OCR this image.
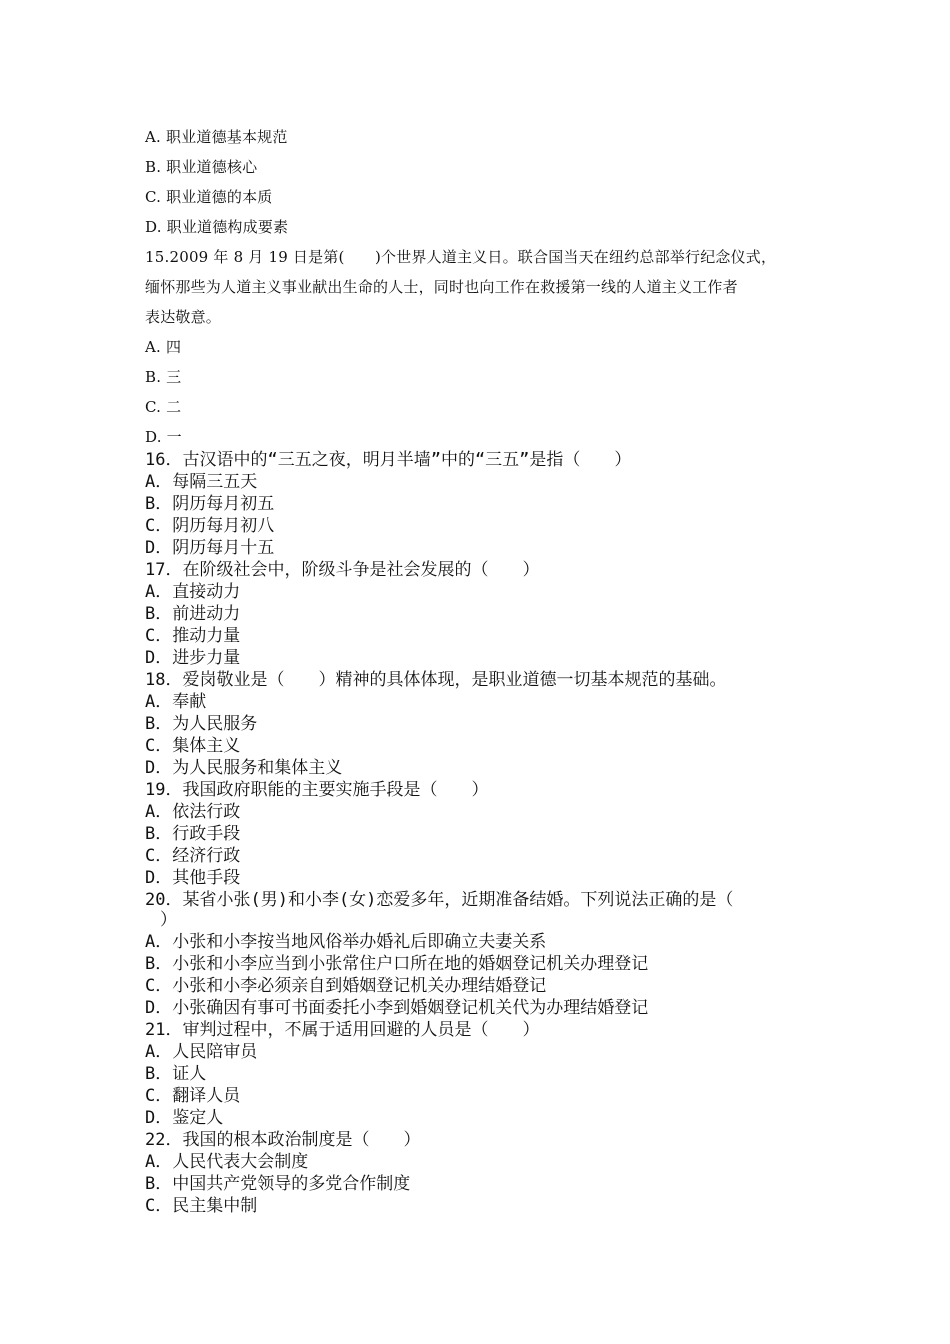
A. 职业道德基本规范
B. 职业道德核心
C. 职业道德的本质
D. 职业道德构成要素
15.2009 年 8 月 19 日是第(　　)个世界人道主义日。联合国当天在纽约总部举行纪念仪式，
缅怀那些为人道主义事业献出生命的人士，同时也向工作在救援第一线的人道主义工作者
表达敬意。
A. 四
B. 三
C. 二
D. 一
16．古汉语中的“三五之夜，明月半墙”中的“三五”是指（　　）
A．每隔三五天
B．阴历每月初五
C．阴历每月初八
D．阴历每月十五
17．在阶级社会中，阶级斗争是社会发展的（　　）
A．直接动力
B．前进动力
C．推动力量
D．进步力量
18．爱岗敬业是（　　）精神的具体体现，是职业道德一切基本规范的基础。
A．奉献
B．为人民服务
C．集体主义
D．为人民服务和集体主义
19．我国政府职能的主要实施手段是（　　）
A．依法行政
B．行政手段
C．经济行政
D．其他手段
20．某省小张(男)和小李(女)恋爱多年，近期准备结婚。下列说法正确的是（
）
A．小张和小李按当地风俗举办婚礼后即确立夫妻关系
B．小张和小李应当到小张常住户口所在地的婚姻登记机关办理登记
C．小张和小李必须亲自到婚姻登记机关办理结婚登记
D．小张确因有事可书面委托小李到婚姻登记机关代为办理结婚登记
21．审判过程中，不属于适用回避的人员是（　　）
A．人民陪审员
B．证人
C．翻译人员
D．鉴定人
22．我国的根本政治制度是（　　）
A．人民代表大会制度
B．中国共产党领导的多党合作制度
C．民主集中制
